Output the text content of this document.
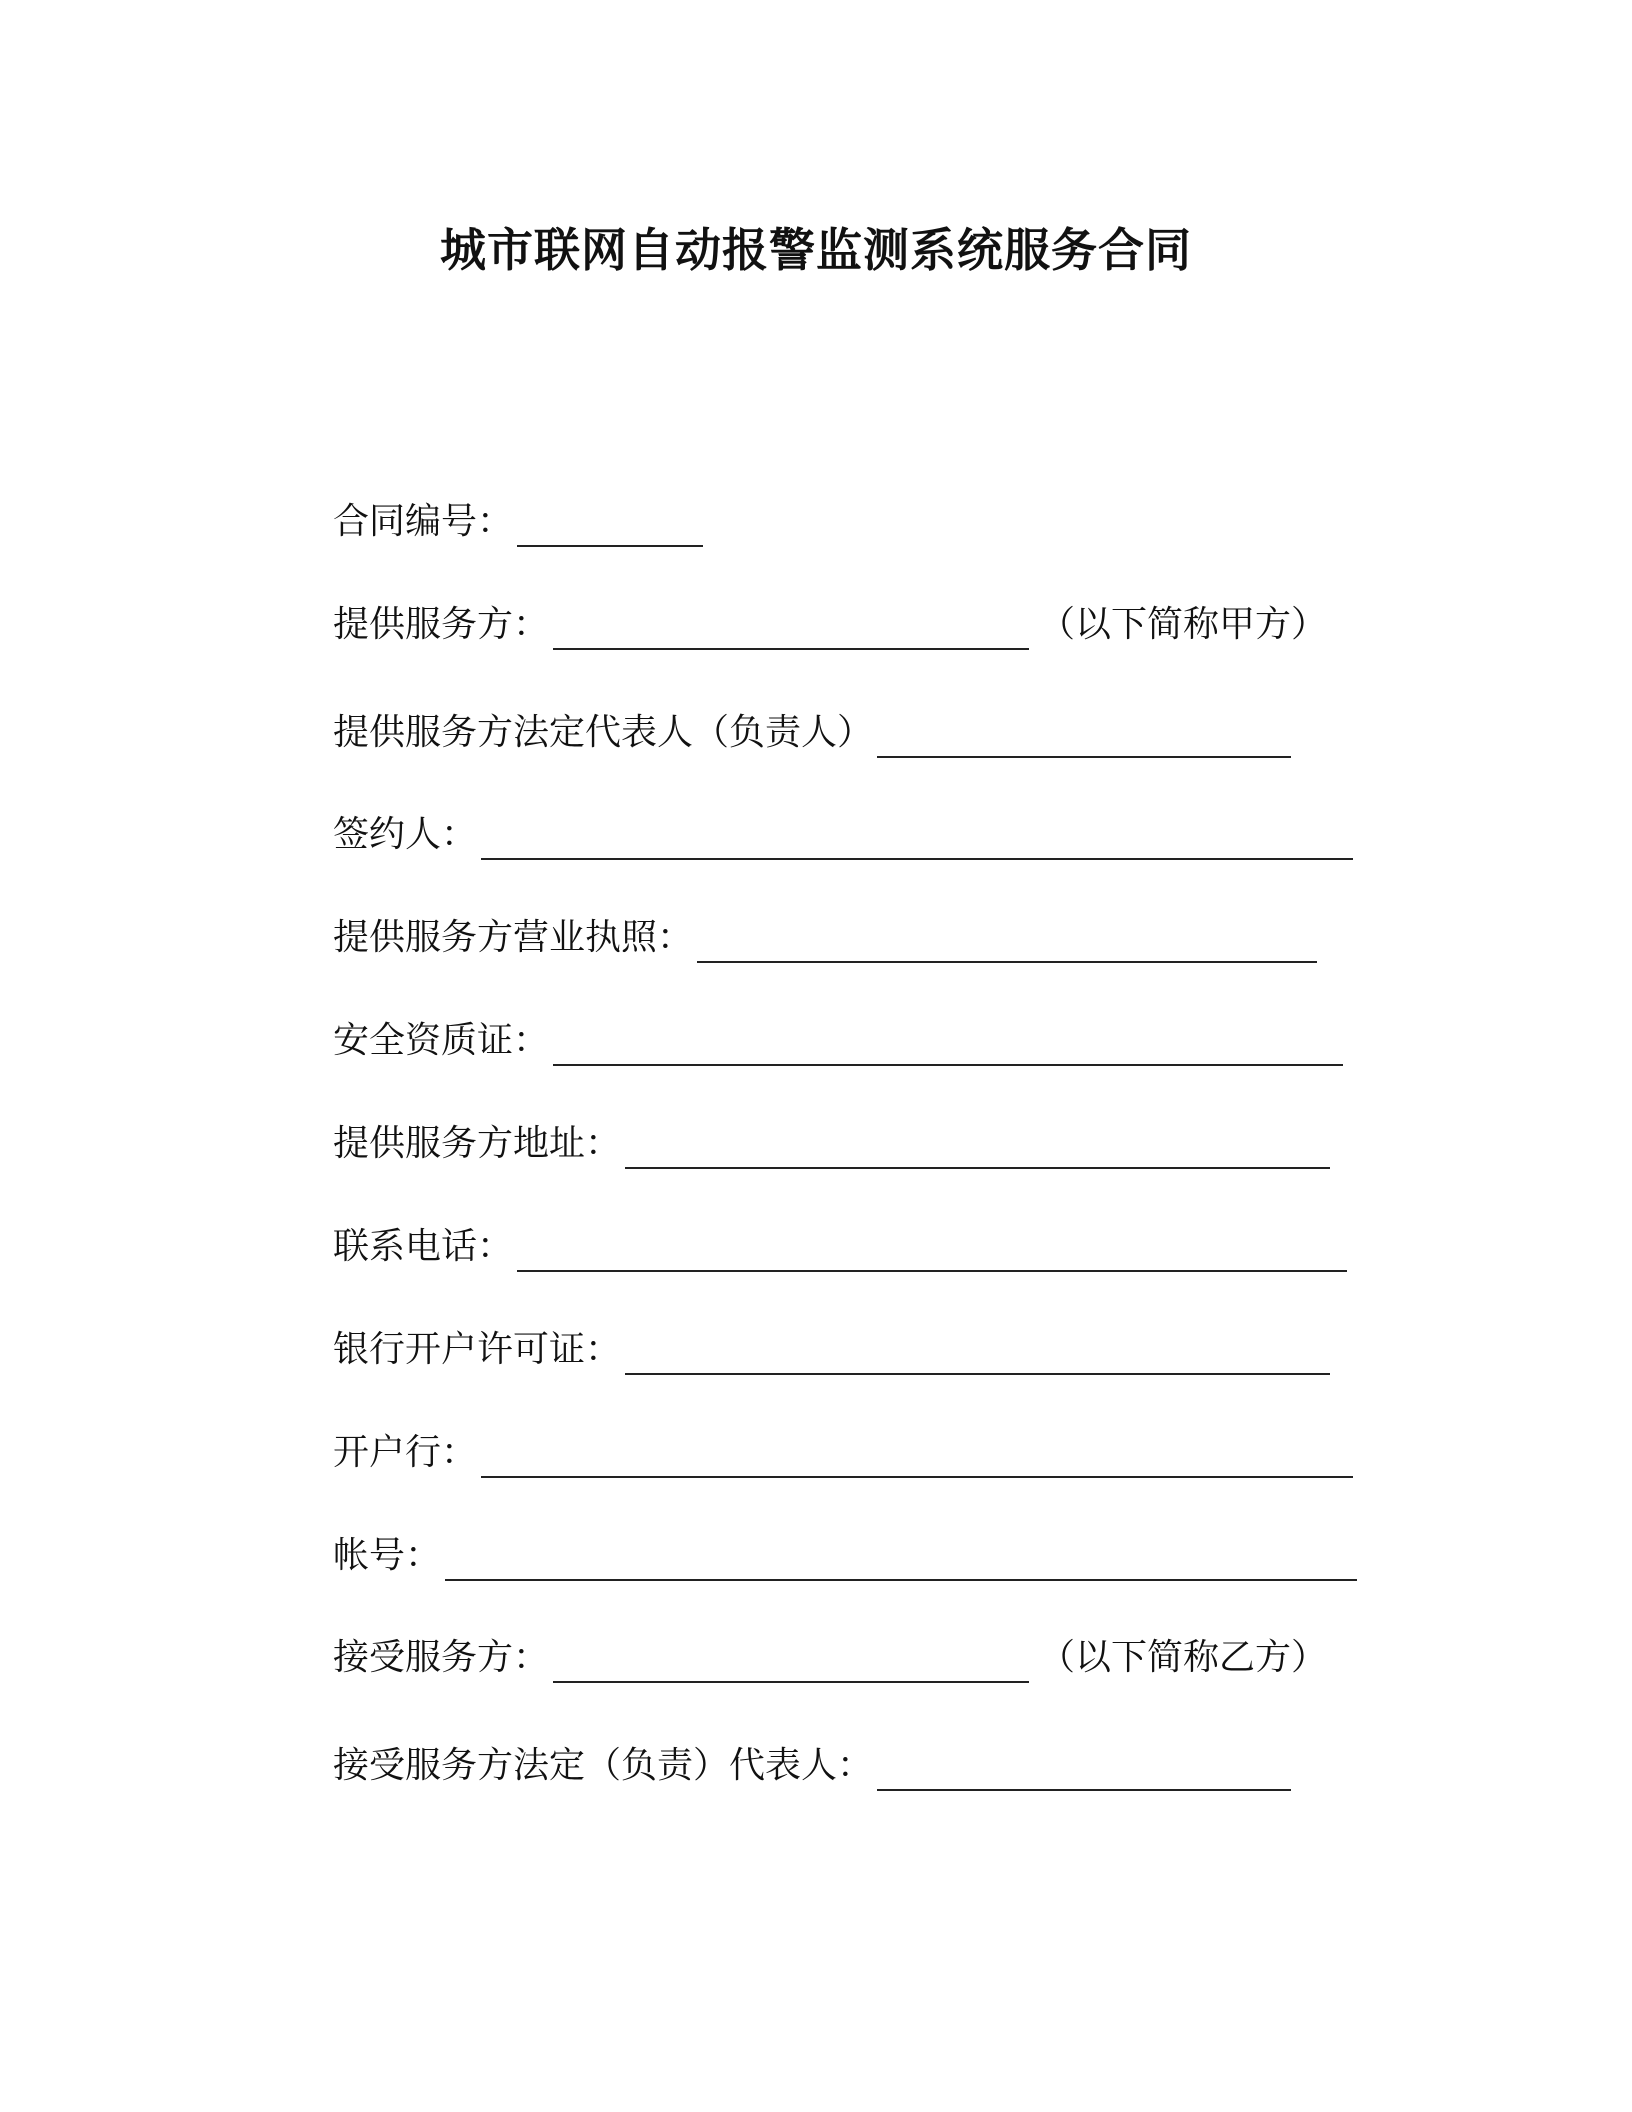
城市联网自动报警监测系统服务合同
合同编号：
提供服务方：	（以下简称甲方）
提供服务方法定代表人（负责人）
签约人：
提供服务方营业执照：
安全资质证：
提供服务方地址：
联系电话：
银行开户许可证：
开户行：
帐号：
接受服务方：	（以下简称乙方）
接受服务方法定（负责）代表人：
